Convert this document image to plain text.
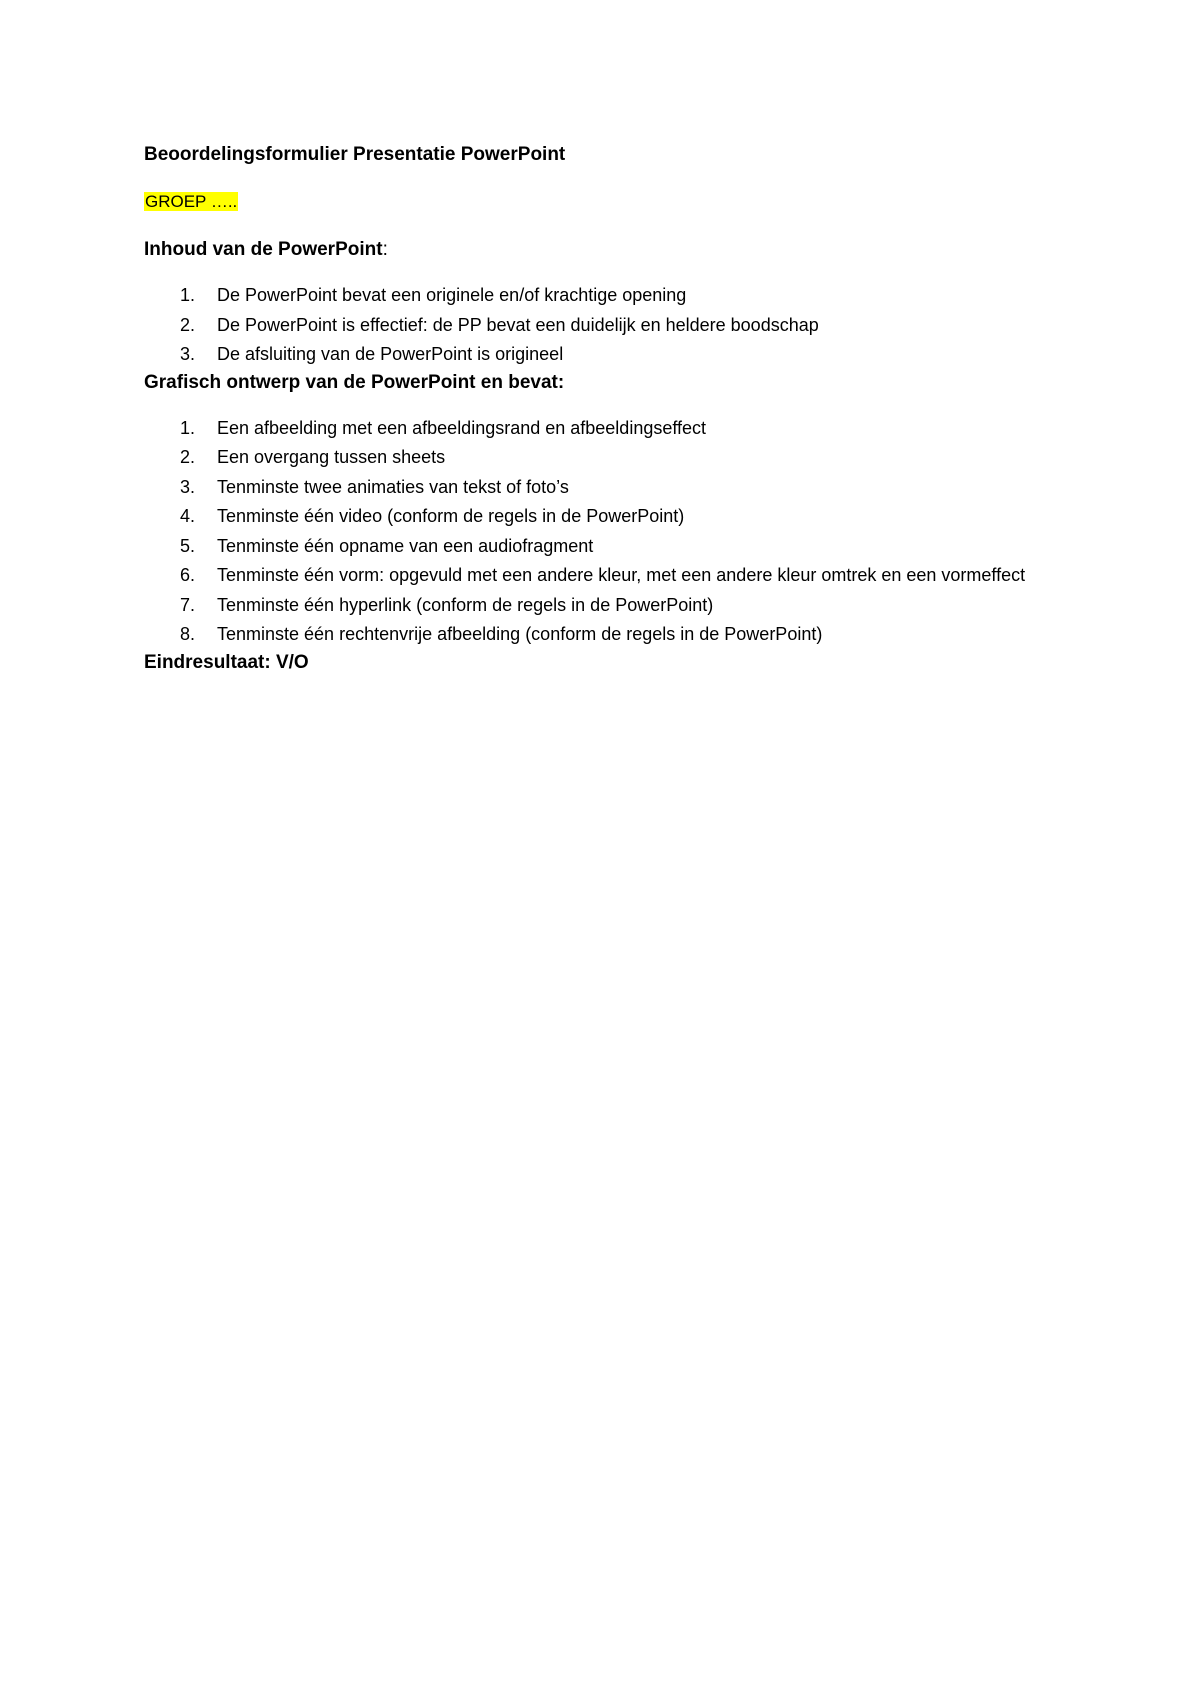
Beoordelingsformulier Presentatie PowerPoint

GROEP …..

Inhoud van de PowerPoint:

1. De PowerPoint bevat een originele en/of krachtige opening
2. De PowerPoint is effectief: de PP bevat een duidelijk en heldere boodschap
3. De afsluiting van de PowerPoint is origineel

Grafisch ontwerp van de PowerPoint en bevat:

1. Een afbeelding met een afbeeldingsrand en afbeeldingseffect
2. Een overgang tussen sheets
3. Tenminste twee animaties van tekst of foto’s
4. Tenminste één video (conform de regels in de PowerPoint)
5. Tenminste één opname van een audiofragment
6. Tenminste één vorm: opgevuld met een andere kleur, met een andere kleur omtrek en een vormeffect
7. Tenminste één hyperlink (conform de regels in de PowerPoint)
8. Tenminste één rechtenvrije afbeelding (conform de regels in de PowerPoint)

Eindresultaat: V/O
